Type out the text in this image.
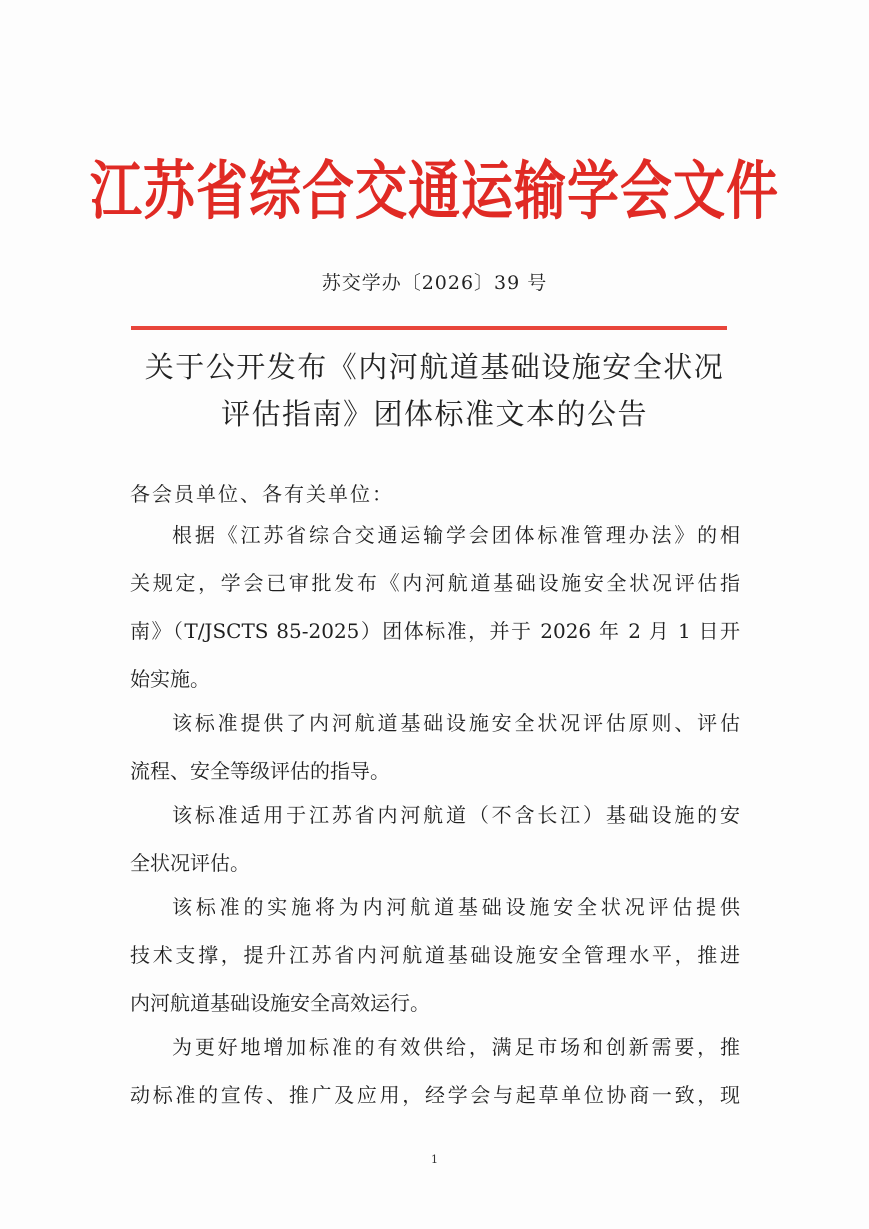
江苏省综合交通运输学会文件
苏交学办〔2026〕39 号
关于公开发布《内河航道基础设施安全状况
评估指南》团体标准文本的公告
各会员单位、各有关单位：
根据《江苏省综合交通运输学会团体标准管理办法》的相
关规定，学会已审批发布《内河航道基础设施安全状况评估指
南》（T/JSCTS 85-2025）团体标准，并于 2026 年 2 月 1 日开
始实施。
该标准提供了内河航道基础设施安全状况评估原则、评估
流程、安全等级评估的指导。
该标准适用于江苏省内河航道（不含长江）基础设施的安
全状况评估。
该标准的实施将为内河航道基础设施安全状况评估提供
技术支撑，提升江苏省内河航道基础设施安全管理水平，推进
内河航道基础设施安全高效运行。
为更好地增加标准的有效供给，满足市场和创新需要，推
动标准的宣传、推广及应用，经学会与起草单位协商一致，现
1
